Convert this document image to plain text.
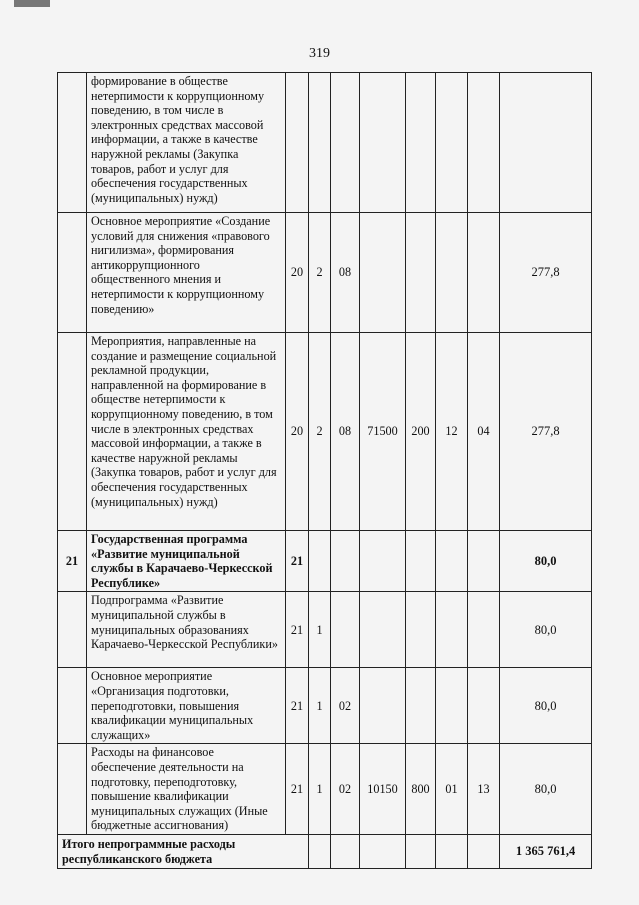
319
	формирование в обществе нетерпимости к коррупционному поведению, в том числе в электронных средствах массовой информации, а также в качестве наружной рекламы (Закупка товаров, работ и услуг для обеспечения государственных (муниципальных) нужд)								
	Основное мероприятие «Создание условий для снижения «правового нигилизма», формирования антикоррупционного общественного мнения и нетерпимости к коррупционному поведению»	20	2	08					277,8
	Мероприятия, направленные на создание и размещение социальной рекламной продукции, направленной на формирование в обществе нетерпимости к коррупционному поведению, в том числе в электронных средствах массовой информации, а также в качестве наружной рекламы (Закупка товаров, работ и услуг для обеспечения государственных (муниципальных) нужд)	20	2	08	71500	200	12	04	277,8
21	Государственная программа «Развитие муниципальной службы в Карачаево-Черкесской Республике»	21							80,0
	Подпрограмма «Развитие муниципальной службы в муниципальных образованиях Карачаево-Черкесской Республики»	21	1						80,0
	Основное мероприятие «Организация подготовки, переподготовки, повышения квалификации муниципальных служащих»	21	1	02					80,0
	Расходы на финансовое обеспечение деятельности на подготовку, переподготовку, повышение квалификации муниципальных служащих (Иные бюджетные ассигнования)	21	1	02	10150	800	01	13	80,0
Итого непрограммные расходы республиканского бюджета									1 365 761,4
